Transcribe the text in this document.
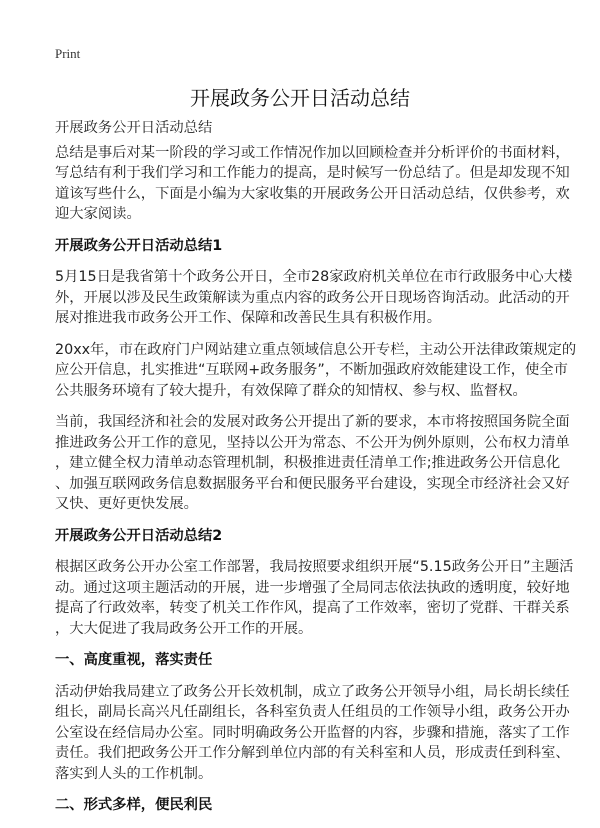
Print
开展政务公开日活动总结
开展政务公开日活动总结
总结是事后对某一阶段的学习或工作情况作加以回顾检查并分析评价的书面材料，
写总结有利于我们学习和工作能力的提高，是时候写一份总结了。但是却发现不知
道该写些什么，下面是小编为大家收集的开展政务公开日活动总结，仅供参考，欢
迎大家阅读。
开展政务公开日活动总结1
5月15日是我省第十个政务公开日，全市28家政府机关单位在市行政服务中心大楼
外，开展以涉及民生政策解读为重点内容的政务公开日现场咨询活动。此活动的开
展对推进我市政务公开工作、保障和改善民生具有积极作用。
20xx年，市在政府门户网站建立重点领域信息公开专栏，主动公开法律政策规定的
应公开信息，扎实推进“互联网+政务服务”，不断加强政府效能建设工作，使全市
公共服务环境有了较大提升，有效保障了群众的知情权、参与权、监督权。
当前，我国经济和社会的发展对政务公开提出了新的要求，本市将按照国务院全面
推进政务公开工作的意见，坚持以公开为常态、不公开为例外原则，公布权力清单
，建立健全权力清单动态管理机制，积极推进责任清单工作;推进政务公开信息化
、加强互联网政务信息数据服务平台和便民服务平台建设，实现全市经济社会又好
又快、更好更快发展。
开展政务公开日活动总结2
根据区政务公开办公室工作部署，我局按照要求组织开展“5.15政务公开日”主题活
动。通过这项主题活动的开展，进一步增强了全局同志依法执政的透明度，较好地
提高了行政效率，转变了机关工作作风，提高了工作效率，密切了党群、干群关系
，大大促进了我局政务公开工作的开展。
一、高度重视，落实责任
活动伊始我局建立了政务公开长效机制，成立了政务公开领导小组，局长胡长续任
组长，副局长高兴凡任副组长，各科室负责人任组员的工作领导小组，政务公开办
公室设在经信局办公室。同时明确政务公开监督的内容，步骤和措施，落实了工作
责任。我们把政务公开工作分解到单位内部的有关科室和人员，形成责任到科室、
落实到人头的工作机制。
二、形式多样，便民利民
